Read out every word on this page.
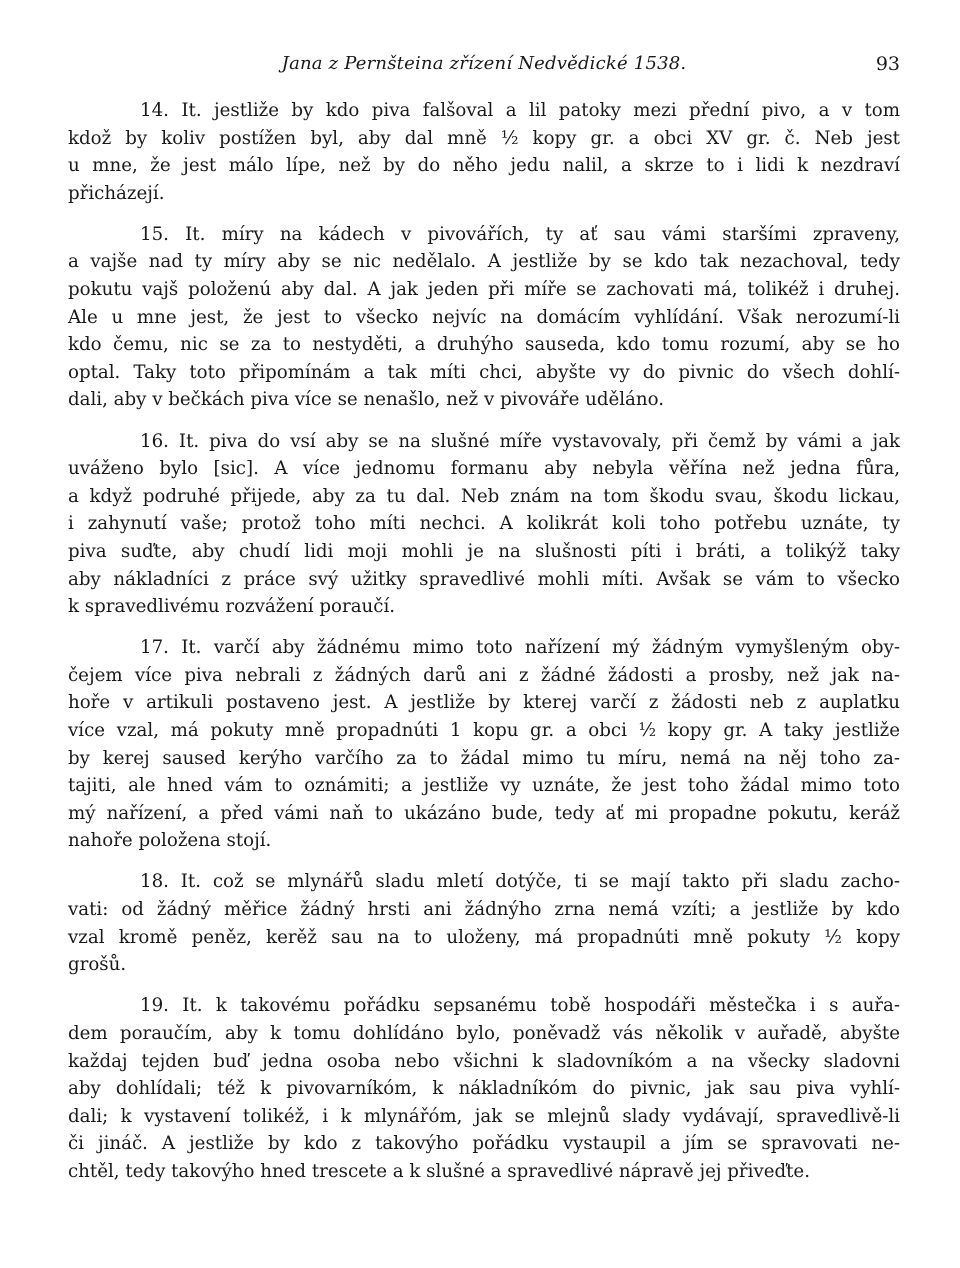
Jana z Pernšteina zřízení Nedvědické 1538.	93
14. It. jestliže by kdo piva falšoval a lil patoky mezi přední pivo, a v tom
kdož by koliv postížen byl, aby dal mně ½ kopy gr. a obci XV gr. č. Neb jest
u mne, že jest málo lípe, než by do něho jedu nalil, a skrze to i lidi k nezdraví
přicházejí.
15. It. míry na kádech v pivovářích, ty ať sau vámi staršími zpraveny,
a vajše nad ty míry aby se nic nedělalo. A jestliže by se kdo tak nezachoval, tedy
pokutu vajš položenú aby dal. A jak jeden při míře se zachovati má, tolikéž i druhej.
Ale u mne jest, že jest to všecko nejvíc na domácím vyhlídání. Však nerozumí-li
kdo čemu, nic se za to nestyděti, a druhýho sauseda, kdo tomu rozumí, aby se ho
optal. Taky toto připomínám a tak míti chci, abyšte vy do pivnic do všech dohlí-
dali, aby v bečkách piva více se nenašlo, než v pivováře uděláno.
16. It. piva do vsí aby se na slušné míře vystavovaly, při čemž by vámi a jak
uváženo bylo [sic]. A více jednomu formanu aby nebyla věřína než jedna fůra,
a když podruhé přijede, aby za tu dal. Neb znám na tom škodu svau, škodu lickau,
i zahynutí vaše; protož toho míti nechci. A kolikrát koli toho potřebu uznáte, ty
piva suďte, aby chudí lidi moji mohli je na slušnosti píti i bráti, a tolikýž taky
aby nákladníci z práce svý užitky spravedlivé mohli míti. Avšak se vám to všecko
k spravedlivému rozvážení poraučí.
17. It. varčí aby žádnému mimo toto nařízení mý žádným vymyšleným oby-
čejem více piva nebrali z žádných darů ani z žádné žádosti a prosby, než jak na-
hoře v artikuli postaveno jest. A jestliže by kterej varčí z žádosti neb z auplatku
více vzal, má pokuty mně propadnúti 1 kopu gr. a obci ½ kopy gr. A taky jestliže
by kerej saused kerýho varčího za to žádal mimo tu míru, nemá na něj toho za-
tajiti, ale hned vám to oznámiti; a jestliže vy uznáte, že jest toho žádal mimo toto
mý nařízení, a před vámi naň to ukázáno bude, tedy ať mi propadne pokutu, keráž
nahoře položena stojí.
18. It. což se mlynářů sladu mletí dotýče, ti se mají takto při sladu zacho-
vati: od žádný měřice žádný hrsti ani žádnýho zrna nemá vzíti; a jestliže by kdo
vzal kromě peněz, kerěž sau na to uloženy, má propadnúti mně pokuty ½ kopy
grošů.
19. It. k takovému pořádku sepsanému tobě hospodáři městečka i s auřa-
dem poraučím, aby k tomu dohlídáno bylo, poněvadž vás několik v auřadě, abyšte
každaj tejden buď jedna osoba nebo všichni k sladovníkóm a na všecky sladovni
aby dohlídali; též k pivovarníkóm, k nákladníkóm do pivnic, jak sau piva vyhlí-
dali; k vystavení tolikéž, i k mlynářóm, jak se mlejnů slady vydávají, spravedlivě-li
či jináč. A jestliže by kdo z takovýho pořádku vystaupil a jím se spravovati ne-
chtěl, tedy takovýho hned trescete a k slušné a spravedlivé nápravě jej přiveďte.
